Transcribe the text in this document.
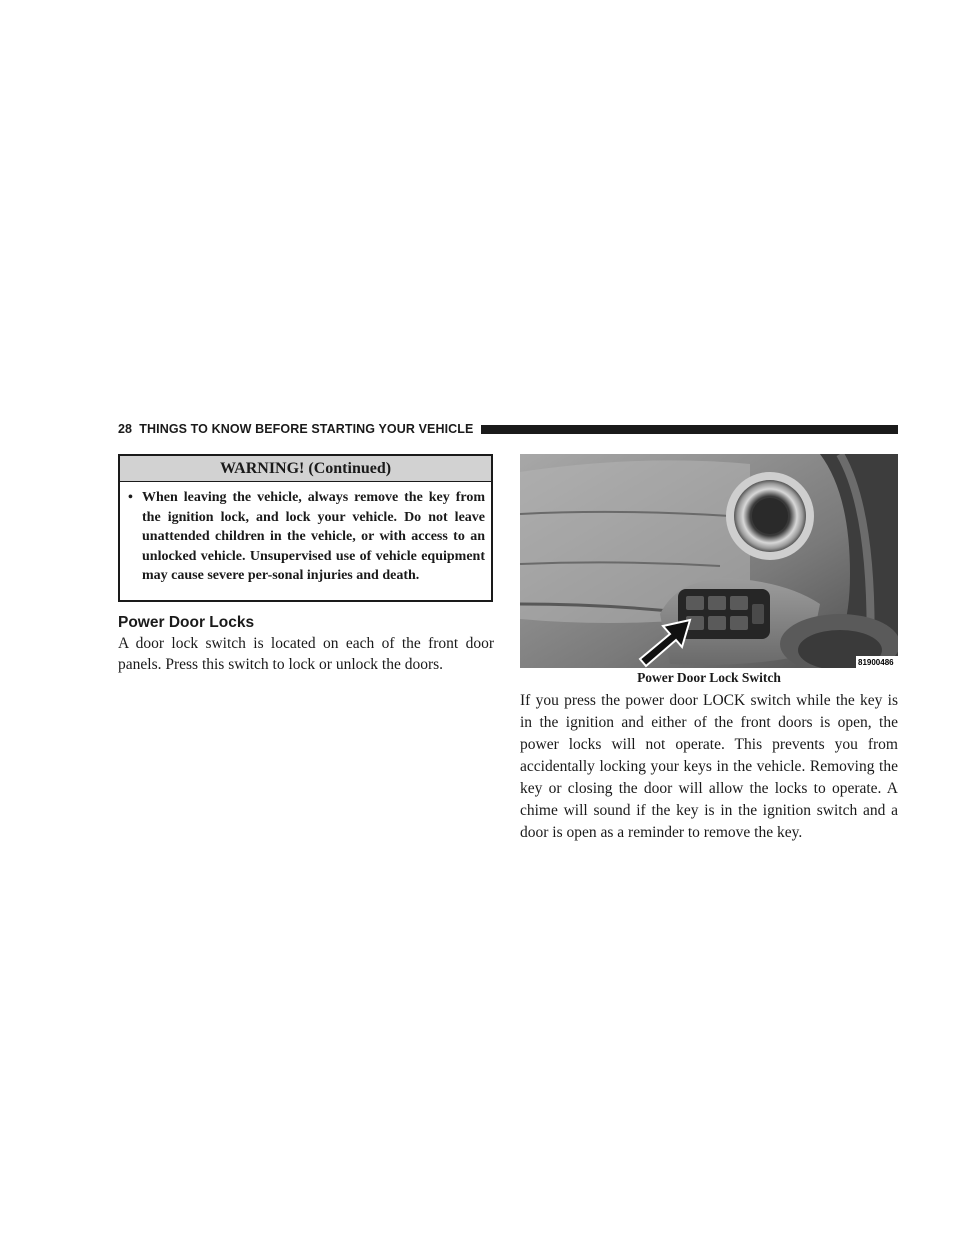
28 THINGS TO KNOW BEFORE STARTING YOUR VEHICLE
WARNING! (Continued)
• When leaving the vehicle, always remove the key from the ignition lock, and lock your vehicle. Do not leave unattended children in the vehicle, or with access to an unlocked vehicle. Unsupervised use of vehicle equipment may cause severe per-sonal injuries and death.
Power Door Locks
A door lock switch is located on each of the front door panels. Press this switch to lock or unlock the doors.	81900486
Power Door Lock Switch
If you press the power door LOCK switch while the key is in the ignition and either of the front doors is open, the power locks will not operate. This prevents you from accidentally locking your keys in the vehicle. Removing the key or closing the door will allow the locks to operate. A chime will sound if the key is in the ignition switch and a door is open as a reminder to remove the key.
